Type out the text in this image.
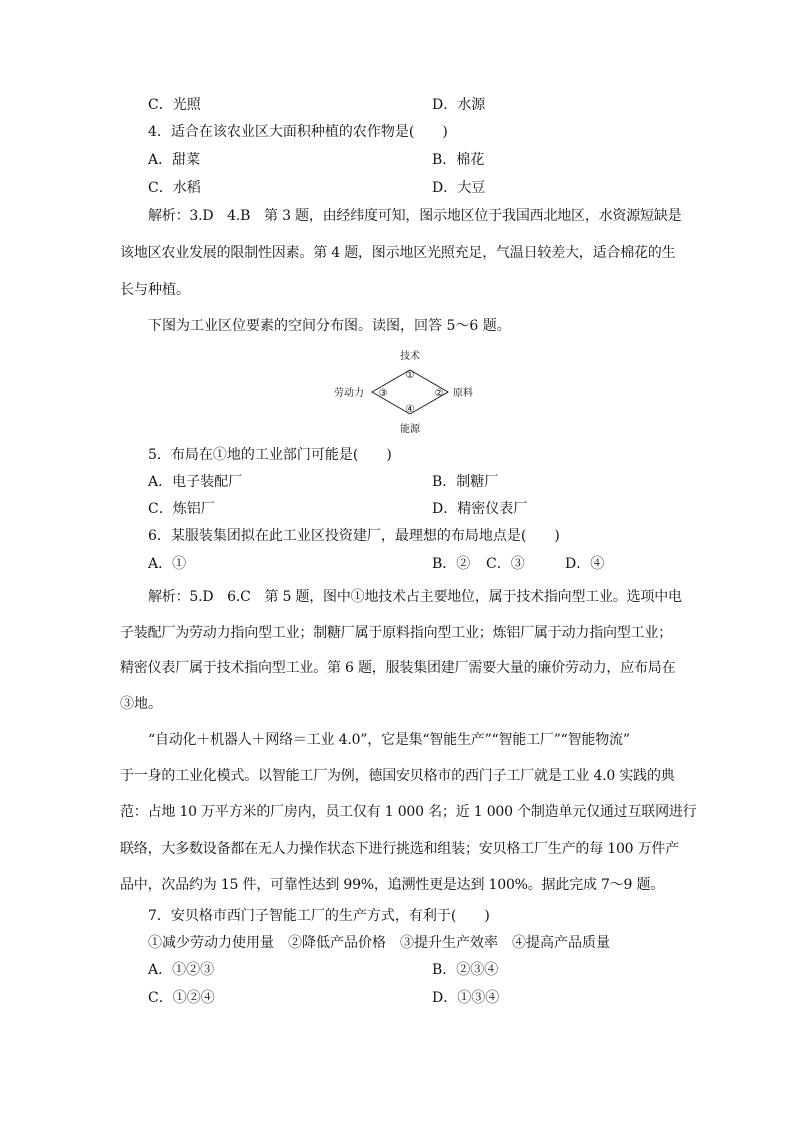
C．光照	D．水源
4．适合在该农业区大面积种植的农作物是(　　)
A．甜菜	B．棉花
C．水稻	D．大豆
解析：3.D　4.B　第 3 题，由经纬度可知，图示地区位于我国西北地区，水资源短缺是
该地区农业发展的限制性因素。第 4 题，图示地区光照充足，气温日较差大，适合棉花的生
长与种植。
下图为工业区位要素的空间分布图。读图，回答 5～6 题。
技术
①
劳动力 ③	② 原料
④
能源
5．布局在①地的工业部门可能是(　　)
A．电子装配厂	B．制糖厂
C．炼铝厂	D．精密仪表厂
6．某服装集团拟在此工业区投资建厂，最理想的布局地点是(　　)
A．①	B．② C．③	D．④
解析：5.D　6.C　第 5 题，图中①地技术占主要地位，属于技术指向型工业。选项中电
子装配厂为劳动力指向型工业；制糖厂属于原料指向型工业；炼铝厂属于动力指向型工业；
精密仪表厂属于技术指向型工业。第 6 题，服装集团建厂需要大量的廉价劳动力，应布局在
③地。
“自动化＋机器人＋网络＝工业 4.0”，它是集“智能生产”“智能工厂”“智能物流”
于一身的工业化模式。以智能工厂为例，德国安贝格市的西门子工厂就是工业 4.0 实践的典
范：占地 10 万平方米的厂房内，员工仅有 1 000 名；近 1 000 个制造单元仅通过互联网进行
联络，大多数设备都在无人力操作状态下进行挑选和组装；安贝格工厂生产的每 100 万件产
品中，次品约为 15 件，可靠性达到 99%，追溯性更是达到 100%。据此完成 7～9 题。
7．安贝格市西门子智能工厂的生产方式，有利于(　　)
①减少劳动力使用量　②降低产品价格　③提升生产效率　④提高产品质量
A．①②③	B．②③④
C．①②④	D．①③④
